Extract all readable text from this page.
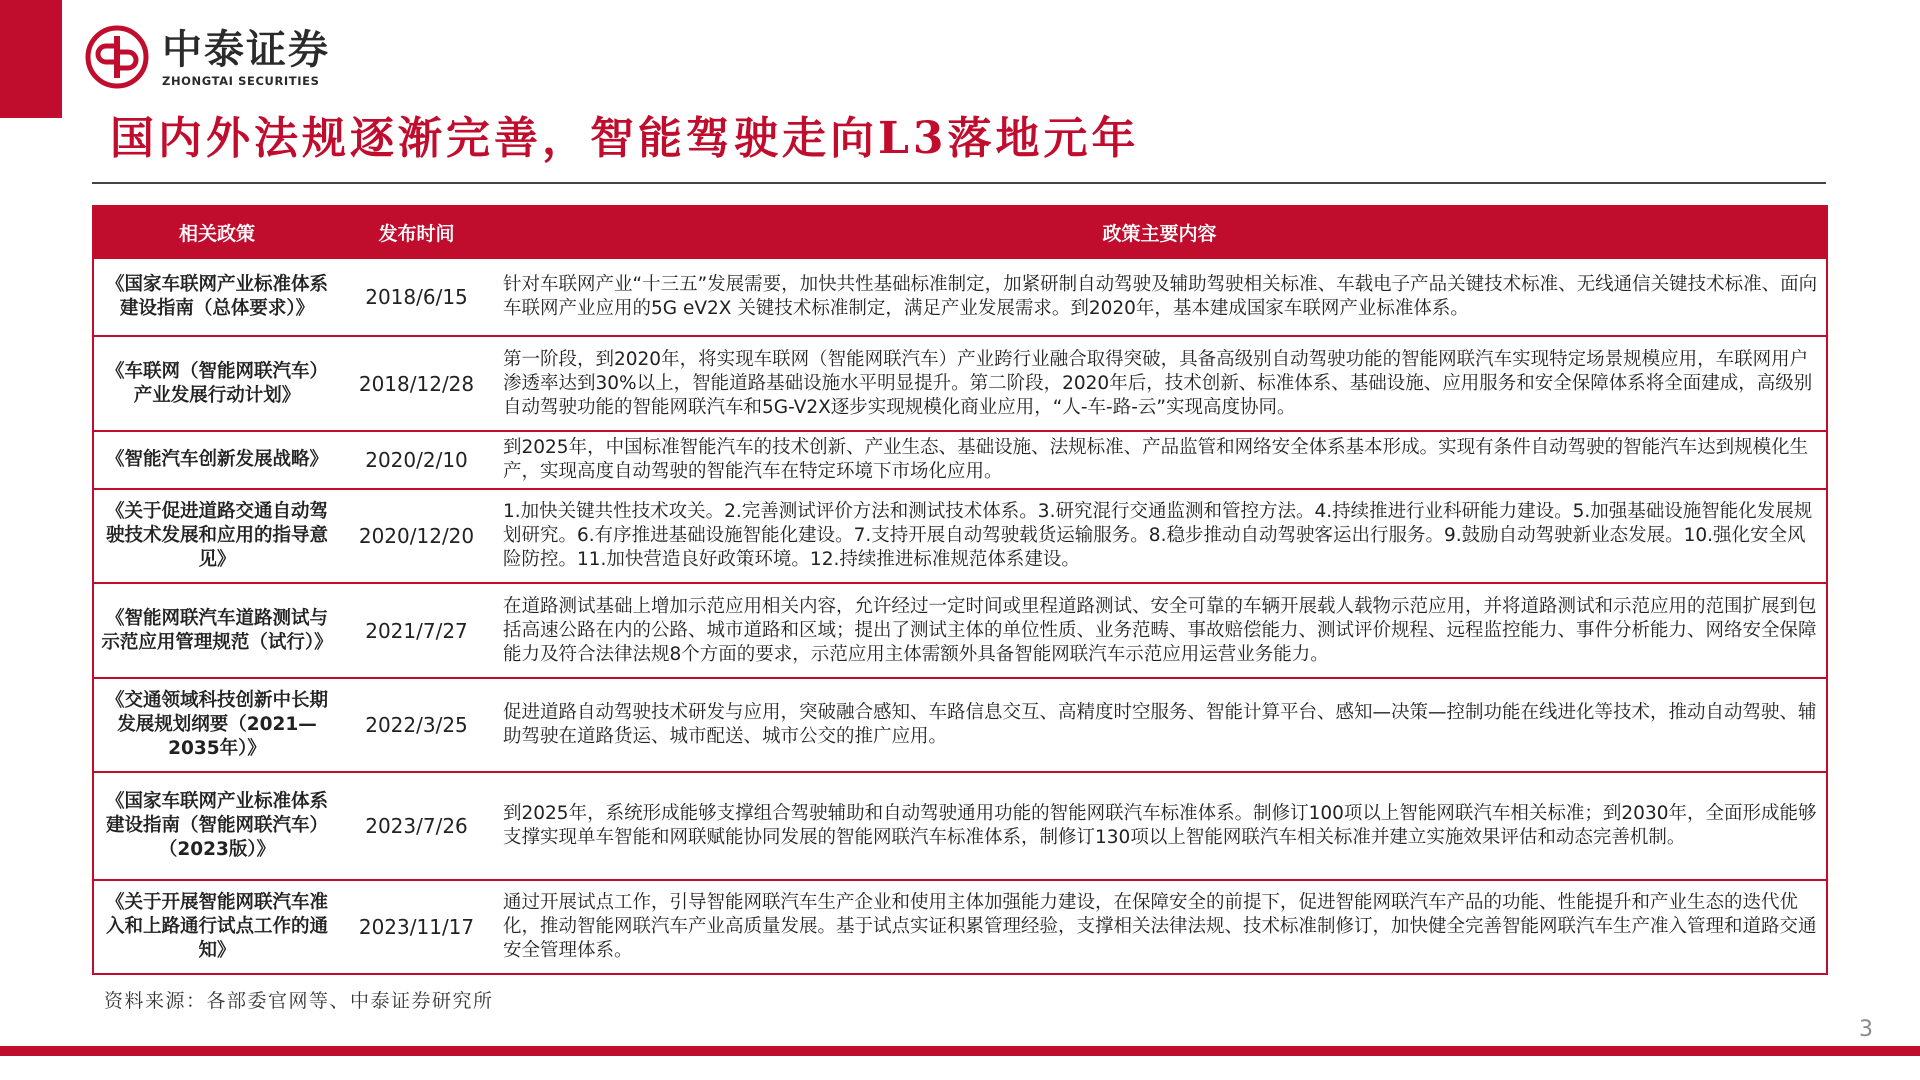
中泰证券
ZHONGTAI SECURITIES
国内外法规逐渐完善，智能驾驶走向L3落地元年
相关政策	发布时间	政策主要内容
《国家车联网产业标准体系建设指南（总体要求）》	2018/6/15	针对车联网产业“十三五”发展需要，加快共性基础标准制定，加紧研制自动驾驶及辅助驾驶相关标准、车载电子产品关键技术标准、无线通信关键技术标准、面向车联网产业应用的5G eV2X 关键技术标准制定，满足产业发展需求。到2020年，基本建成国家车联网产业标准体系。
《车联网（智能网联汽车）产业发展行动计划》	2018/12/28	第一阶段，到2020年，将实现车联网（智能网联汽车）产业跨行业融合取得突破，具备高级别自动驾驶功能的智能网联汽车实现特定场景规模应用，车联网用户渗透率达到30%以上，智能道路基础设施水平明显提升。第二阶段，2020年后，技术创新、标准体系、基础设施、应用服务和安全保障体系将全面建成，高级别自动驾驶功能的智能网联汽车和5G-V2X逐步实现规模化商业应用，“人-车-路-云”实现高度协同。
《智能汽车创新发展战略》	2020/2/10	到2025年，中国标准智能汽车的技术创新、产业生态、基础设施、法规标准、产品监管和网络安全体系基本形成。实现有条件自动驾驶的智能汽车达到规模化生产，实现高度自动驾驶的智能汽车在特定环境下市场化应用。
《关于促进道路交通自动驾驶技术发展和应用的指导意见》	2020/12/20	1.加快关键共性技术攻关。2.完善测试评价方法和测试技术体系。3.研究混行交通监测和管控方法。4.持续推进行业科研能力建设。5.加强基础设施智能化发展规划研究。6.有序推进基础设施智能化建设。7.支持开展自动驾驶载货运输服务。8.稳步推动自动驾驶客运出行服务。9.鼓励自动驾驶新业态发展。10.强化安全风险防控。11.加快营造良好政策环境。12.持续推进标准规范体系建设。
《智能网联汽车道路测试与示范应用管理规范（试行）》	2021/7/27	在道路测试基础上增加示范应用相关内容，允许经过一定时间或里程道路测试、安全可靠的车辆开展载人载物示范应用，并将道路测试和示范应用的范围扩展到包括高速公路在内的公路、城市道路和区域；提出了测试主体的单位性质、业务范畴、事故赔偿能力、测试评价规程、远程监控能力、事件分析能力、网络安全保障能力及符合法律法规8个方面的要求，示范应用主体需额外具备智能网联汽车示范应用运营业务能力。
《交通领域科技创新中长期发展规划纲要（2021—2035年）》	2022/3/25	促进道路自动驾驶技术研发与应用，突破融合感知、车路信息交互、高精度时空服务、智能计算平台、感知—决策—控制功能在线进化等技术，推动自动驾驶、辅助驾驶在道路货运、城市配送、城市公交的推广应用。
《国家车联网产业标准体系建设指南（智能网联汽车）（2023版）》	2023/7/26	到2025年，系统形成能够支撑组合驾驶辅助和自动驾驶通用功能的智能网联汽车标准体系。制修订100项以上智能网联汽车相关标准；到2030年，全面形成能够支撑实现单车智能和网联赋能协同发展的智能网联汽车标准体系，制修订130项以上智能网联汽车相关标准并建立实施效果评估和动态完善机制。
《关于开展智能网联汽车准入和上路通行试点工作的通知》	2023/11/17	通过开展试点工作，引导智能网联汽车生产企业和使用主体加强能力建设，在保障安全的前提下，促进智能网联汽车产品的功能、性能提升和产业生态的迭代优化，推动智能网联汽车产业高质量发展。基于试点实证积累管理经验，支撑相关法律法规、技术标准制修订，加快健全完善智能网联汽车生产准入管理和道路交通安全管理体系。
资料来源：各部委官网等、中泰证券研究所
3
